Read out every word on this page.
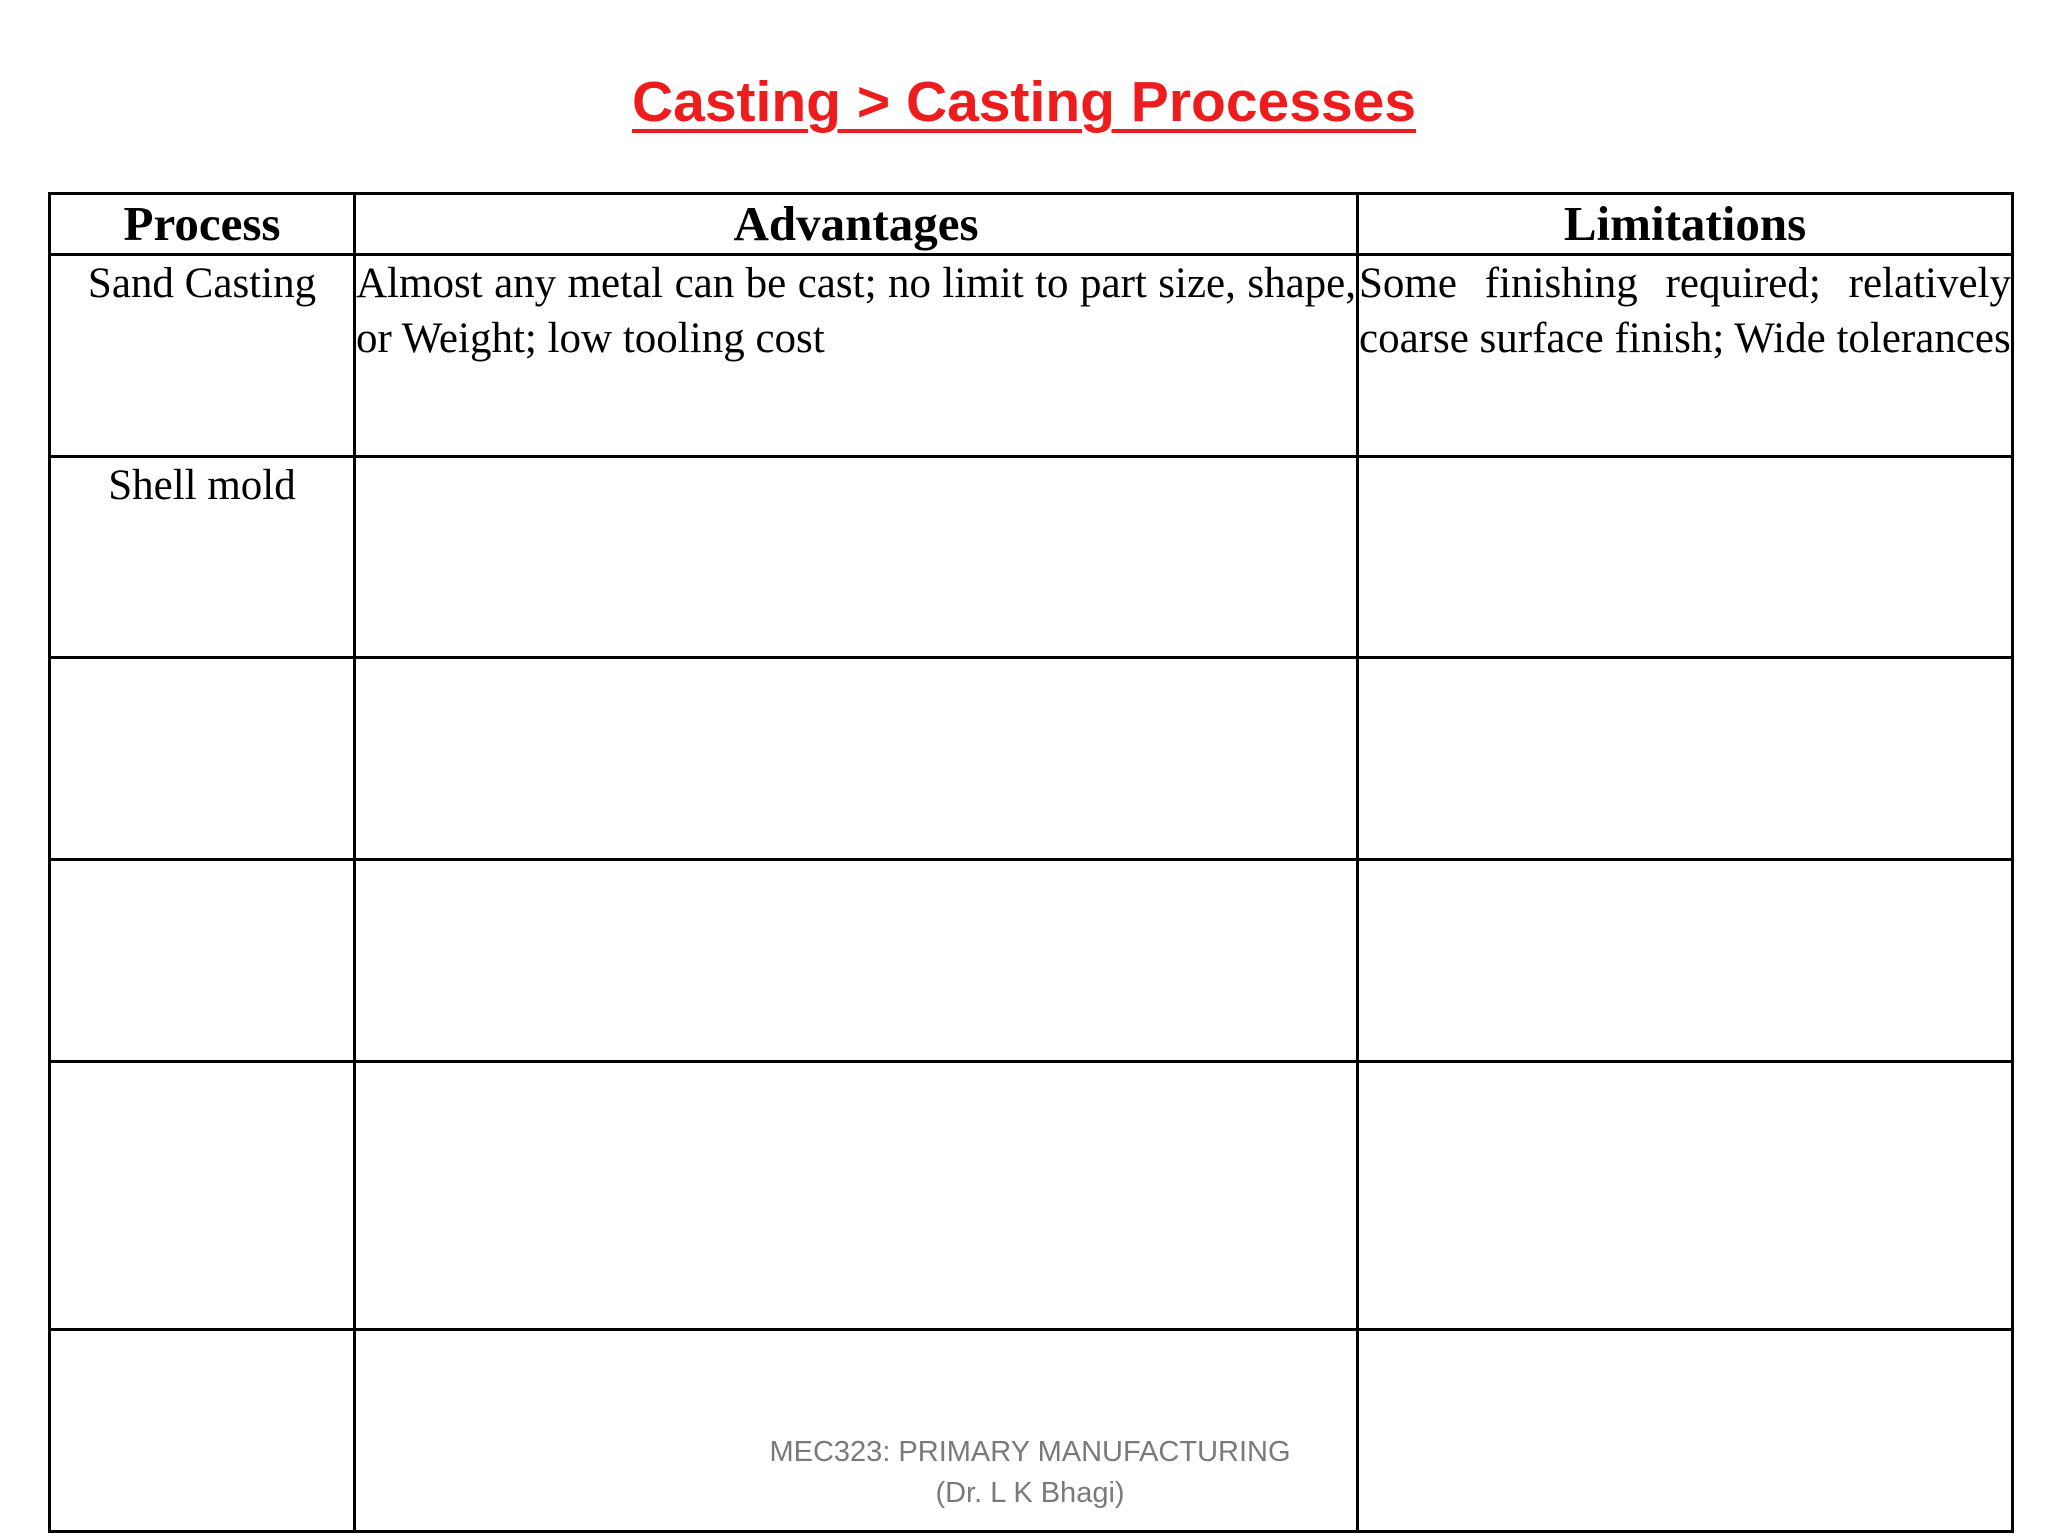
Casting > Casting Processes
Process	Advantages	Limitations
Sand Casting	Almost any metal can be cast; no limit to part size, shape, or Weight; low tooling cost	Some finishing required; relatively coarse surface finish; Wide tolerances
Shell mold		

MEC323: PRIMARY MANUFACTURING
(Dr. L K Bhagi)
